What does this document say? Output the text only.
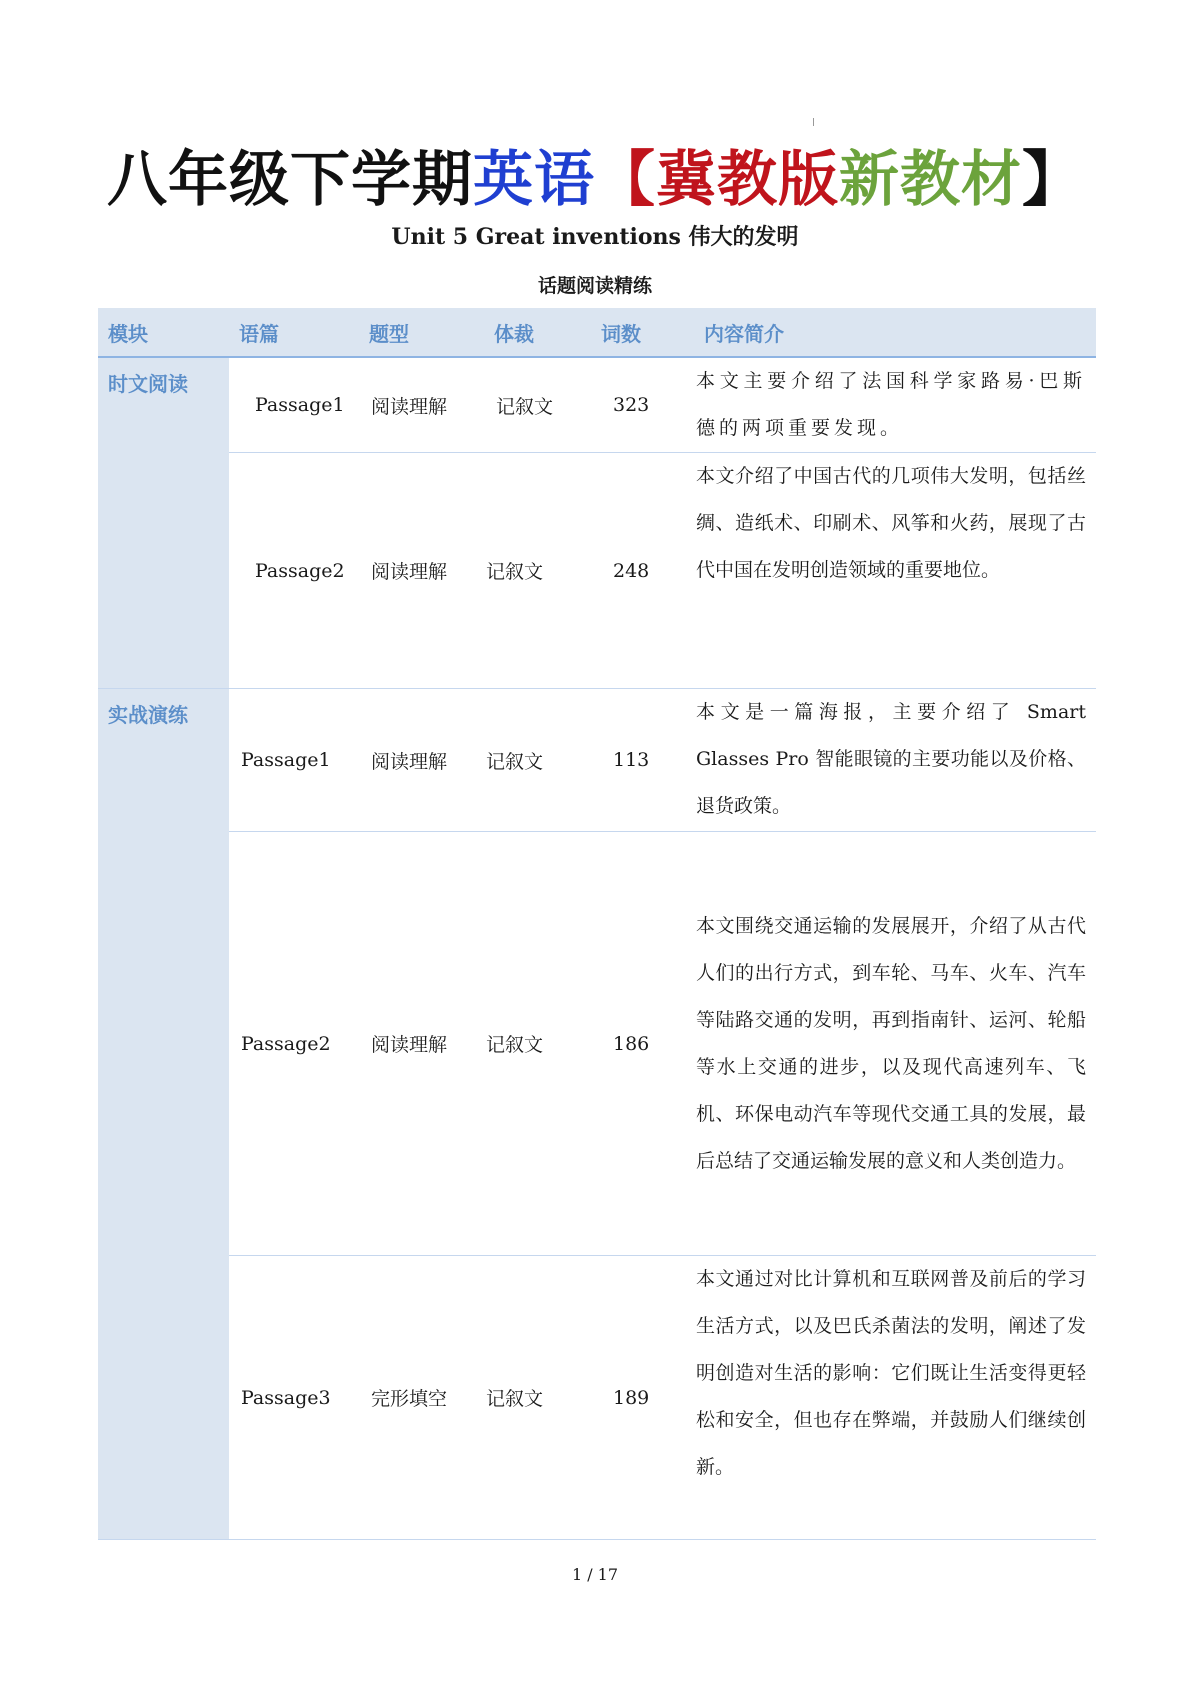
八年级下学期英语【冀教版新教材】
Unit 5 Great inventions 伟大的发明
话题阅读精练
模块	语篇	题型	体裁	词数	内容简介
时文阅读	Passage1	阅读理解	记叙文	323	本文主要介绍了法国科学家路易·巴斯德的两项重要发现。
	Passage2	阅读理解	记叙文	248	本文介绍了中国古代的几项伟大发明，包括丝绸、造纸术、印刷术、风筝和火药，展现了古代中国在发明创造领域的重要地位。
实战演练	Passage1	阅读理解	记叙文	113	本文是一篇海报，主要介绍了 Smart Glasses Pro 智能眼镜的主要功能以及价格、退货政策。
	Passage2	阅读理解	记叙文	186	本文围绕交通运输的发展展开，介绍了从古代人们的出行方式，到车轮、马车、火车、汽车等陆路交通的发明，再到指南针、运河、轮船等水上交通的进步，以及现代高速列车、飞机、环保电动汽车等现代交通工具的发展，最后总结了交通运输发展的意义和人类创造力。
	Passage3	完形填空	记叙文	189	本文通过对比计算机和互联网普及前后的学习生活方式，以及巴氏杀菌法的发明，阐述了发明创造对生活的影响：它们既让生活变得更轻松和安全，但也存在弊端，并鼓励人们继续创新。
1 / 17
